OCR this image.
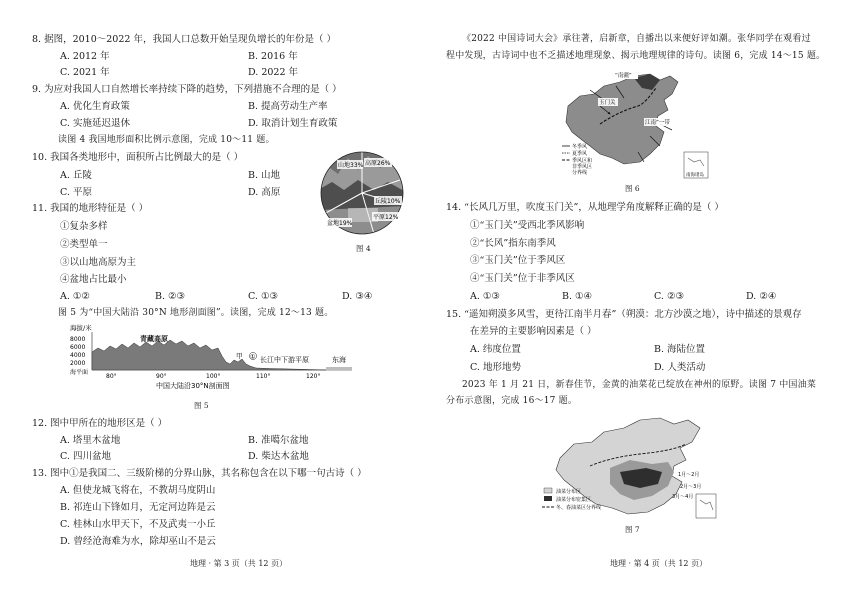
8. 据图，2010～2022 年，我国人口总数开始呈现负增长的年份是（ ）
A. 2012 年	B. 2016 年
C. 2021 年	D. 2022 年
9. 为应对我国人口自然增长率持续下降的趋势，下列措施不合理的是（ ）
A. 优化生育政策	B. 提高劳动生产率
C. 实施延迟退休	D. 取消计划生育政策
读图 4 我国地形面积比例示意图，完成 10～11 题。
10. 我国各类地形中，面积所占比例最大的是（ ）
A. 丘陵	B. 山地
C. 平原	D. 高原
11. 我国的地形特征是（ ）
①复杂多样
②类型单一
③以山地高原为主
④盆地占比最小
A. ①②	B. ②③	C. ①③	D. ③④
山地33% 高原26%
丘陵10%
平原12%
盆地19%
图 4
图 5 为“中国大陆沿 30°N 地形剖面图”。读图，完成 12～13 题。
海拔/米
8000
6000
4000
2000
青藏高原
甲 ① 长江中下游平原	东海
海平面
80°	90°	100°	110°	120°
中国大陆沿30°N剖面图
图 5
12. 图中甲所在的地形区是（ ）
A. 塔里木盆地	B. 准噶尔盆地
C. 四川盆地	D. 柴达木盆地
13. 图中①是我国二、三级阶梯的分界山脉，其名称包含在以下哪一句古诗（ ）
A. 但使龙城飞将在，不教胡马度阴山
B. 祁连山下锋如月，无定河边阵是云
C. 桂林山水甲天下，不及武夷一小丘
D. 曾经沧海难为水，除却巫山不是云
地理 · 第 3 页（共 12 页）
《2022 中国诗词大会》承往著，启新章，自播出以来便好评如潮。张华同学在观看过
程中发现，古诗词中也不乏描述地理现象、揭示地理规律的诗句。读图 6，完成 14～15 题。
“南疆”
玉门关
江南”一带
冬季风
夏季风
季风区和
非季风区
分界线	南海诸岛
图 6
14. “长风几万里，吹度玉门关”，从地理学角度解释正确的是（ ）
①“玉门关”受西北季风影响
②“长风”指东南季风
③“玉门关”位于季风区
④“玉门关”位于非季风区
A. ①③	B. ①④	C. ②③	D. ②④
15. “遥知朔漠多风雪，更待江南半月春”（朔漠：北方沙漠之地），诗中描述的景观存
在差异的主要影响因素是（ ）
A. 纬度位置	B. 海陆位置
C. 地形地势	D. 人类活动
2023 年 1 月 21 日，新春佳节，金黄的油菜花已绽放在神州的原野。读图 7 中国油菜
分布示意图，完成 16～17 题。
1月～2月
2月～3月
3月～4月
油菜分布区
油菜分布密集区
冬、春油菜区分界线
图 7
地理 · 第 4 页（共 12 页）
